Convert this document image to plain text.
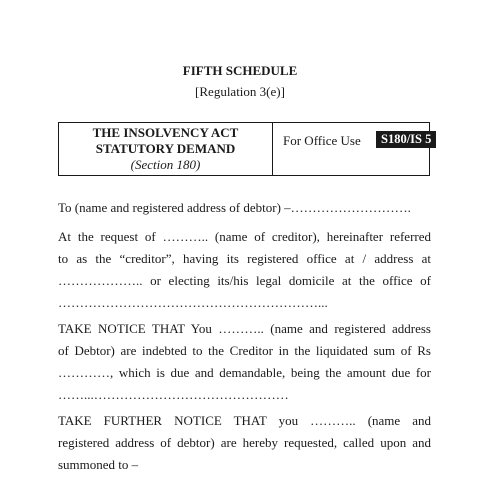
FIFTH SCHEDULE
[Regulation 3(e)]
THE INSOLVENCY ACT
STATUTORY DEMAND
(Section 180)
For Office Use	S180/IS 5
To (name and registered address of debtor) –……………………….
At the request of ……….. (name of creditor), hereinafter referred
to as the “creditor”, having its registered office at / address at
……………….. or electing its/his legal domicile at the office of
……………………………………………………...
TAKE NOTICE THAT You ……….. (name and registered address
of Debtor) are indebted to the Creditor in the liquidated sum of Rs
…………, which is due and demandable, being the amount due for
……...………………………………………
TAKE FURTHER NOTICE THAT you ……….. (name and
registered address of debtor) are hereby requested, called upon and
summoned to –
